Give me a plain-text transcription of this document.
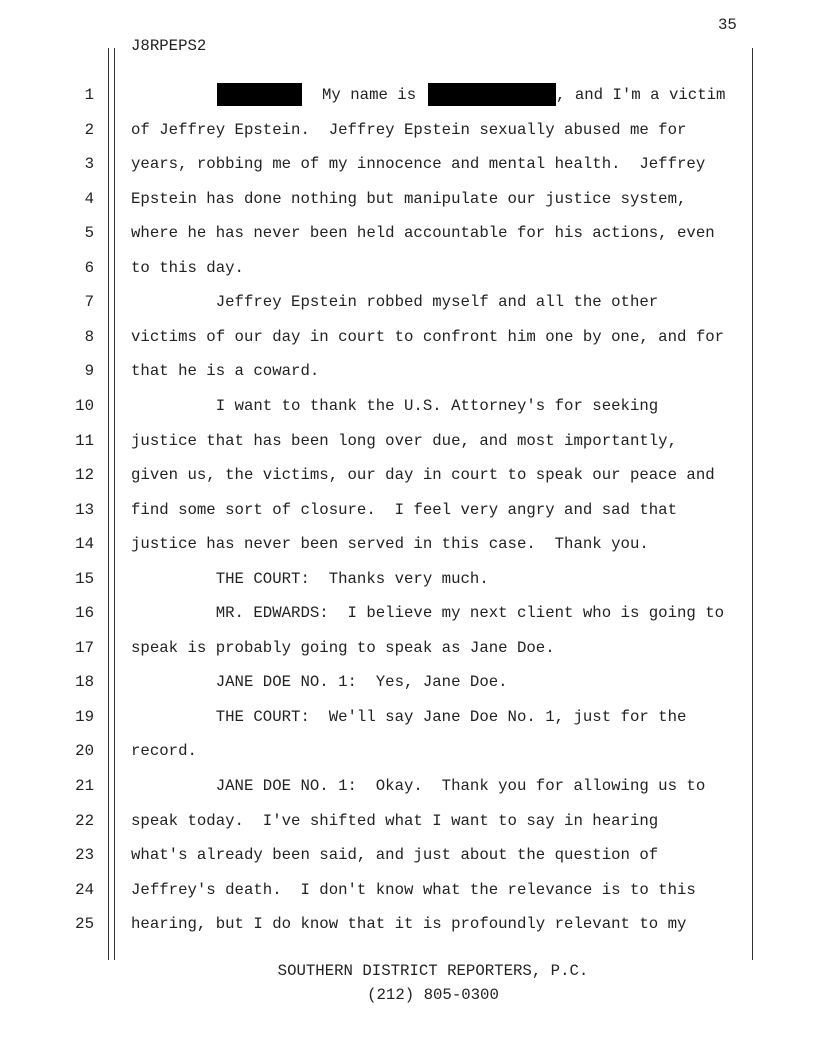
35
J8RPEPS2
1	My name is	, and I'm a victim
2 of Jeffrey Epstein.  Jeffrey Epstein sexually abused me for
3 years, robbing me of my innocence and mental health.  Jeffrey
4 Epstein has done nothing but manipulate our justice system,
5 where he has never been held accountable for his actions, even
6 to this day.
7 Jeffrey Epstein robbed myself and all the other
8 victims of our day in court to confront him one by one, and for
9 that he is a coward.
10 I want to thank the U.S. Attorney's for seeking
11 justice that has been long over due, and most importantly,
12 given us, the victims, our day in court to speak our peace and
13 find some sort of closure.  I feel very angry and sad that
14 justice has never been served in this case.  Thank you.
15 THE COURT:  Thanks very much.
16 MR. EDWARDS:  I believe my next client who is going to
17 speak is probably going to speak as Jane Doe.
18 JANE DOE NO. 1:  Yes, Jane Doe.
19 THE COURT:  We'll say Jane Doe No. 1, just for the
20 record.
21 JANE DOE NO. 1:  Okay.  Thank you for allowing us to
22 speak today.  I've shifted what I want to say in hearing
23 what's already been said, and just about the question of
24 Jeffrey's death.  I don't know what the relevance is to this
25 hearing, but I do know that it is profoundly relevant to my
SOUTHERN DISTRICT REPORTERS, P.C.
(212) 805-0300
